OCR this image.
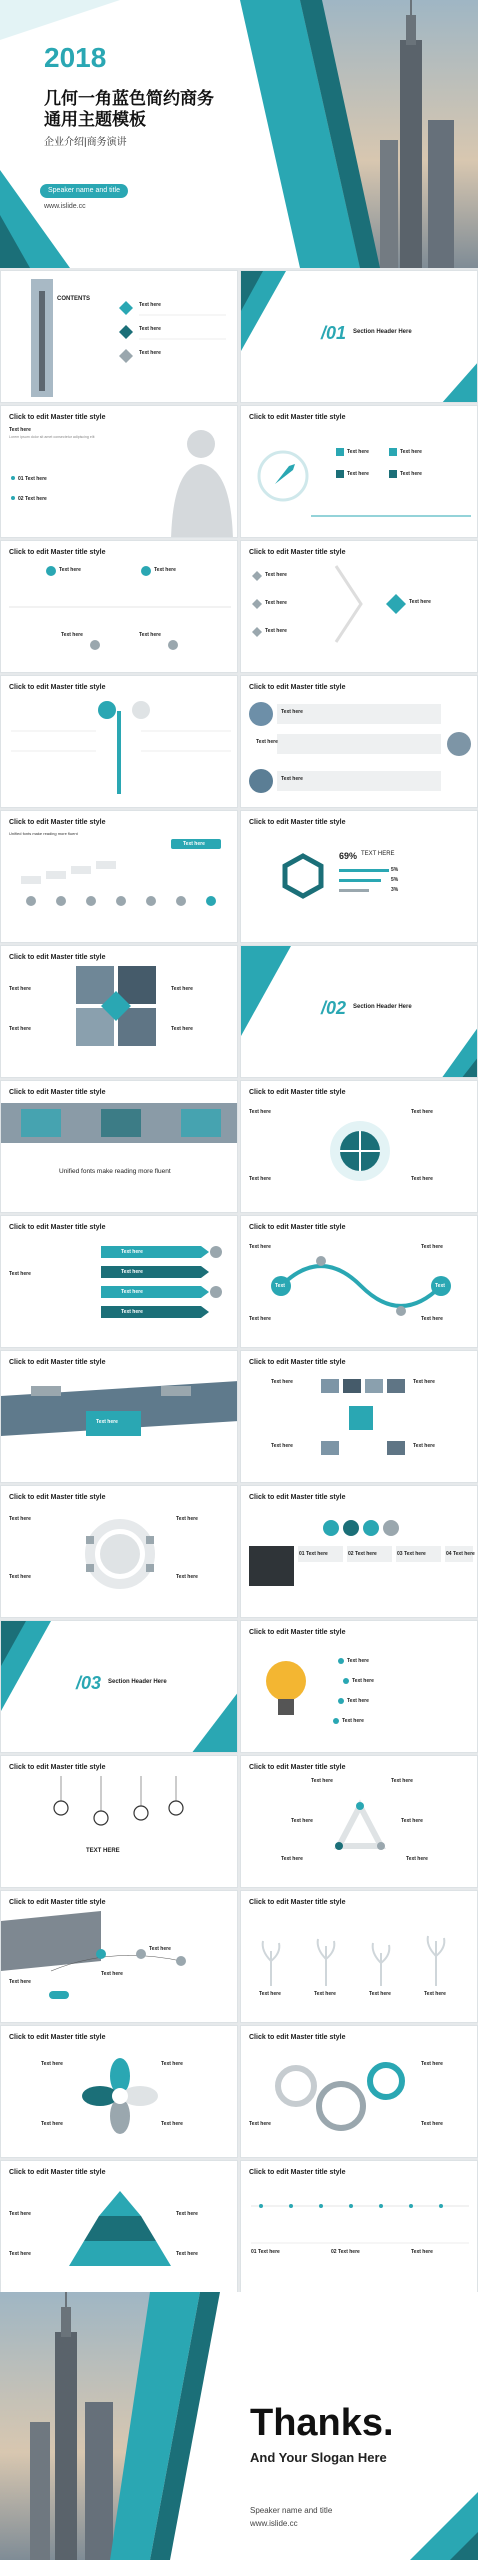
2018
几何一角蓝色简约商务
通用主题模板
企业介绍|商务演讲
Speaker name and title
www.islide.cc
CONTENTS
Text here
Text here
Text here
/01 Section Header Here
Click to edit Master title style
Text here
Lorem ipsum dolor sit amet consectetur adipiscing elit
01 Text here
02 Text here
Click to edit Master title style
Text here
Text here
Text here
Text here
Click to edit Master title style
Text here	Text here
Text here	Text here
Click to edit Master title style
Text here
Text here
Text here
Text here
Click to edit Master title style	Click to edit Master title style
Text here
Text here
Text here
Click to edit Master title style
Unified fonts make reading more fluent
Text here
Click to edit Master title style
69% TEXT HERE
5%
5%
3%
Click to edit Master title style
Text here
Text here
Text here
Text here
/02 Section Header Here
Click to edit Master title style
Unified fonts make reading more fluent
Click to edit Master title style
Text here	Text here
Text here	Text here
Click to edit Master title style
Text here
Text here
Text here
Text here
Text here
Click to edit Master title style
Text	Text
Text here	Text here
Text here	Text here
Click to edit Master title style
Text here
Click to edit Master title style
Text here	Text here
Text here	Text here
Click to edit Master title style
Text here	Text here
Text here	Text here
Click to edit Master title style
01 Text here	02 Text here	03 Text here	04 Text here
/03 Section Header Here
Click to edit Master title style
Text here
Text here
Text here
Text here
Click to edit Master title style
TEXT HERE
Click to edit Master title style
Text here	Text here
Text here	Text here
Text here	Text here
Click to edit Master title style
Text here
Text here
Text here
Click to edit Master title style
Text here	Text here	Text here	Text here
Click to edit Master title style
Text here	Text here
Text here	Text here
Click to edit Master title style
Text here
Text here	Text here
Click to edit Master title style
Text here	Text here
Text here	Text here
Click to edit Master title style
01 Text here	02 Text here	Text here
Thanks.
And Your Slogan Here
Speaker name and title
www.islide.cc
